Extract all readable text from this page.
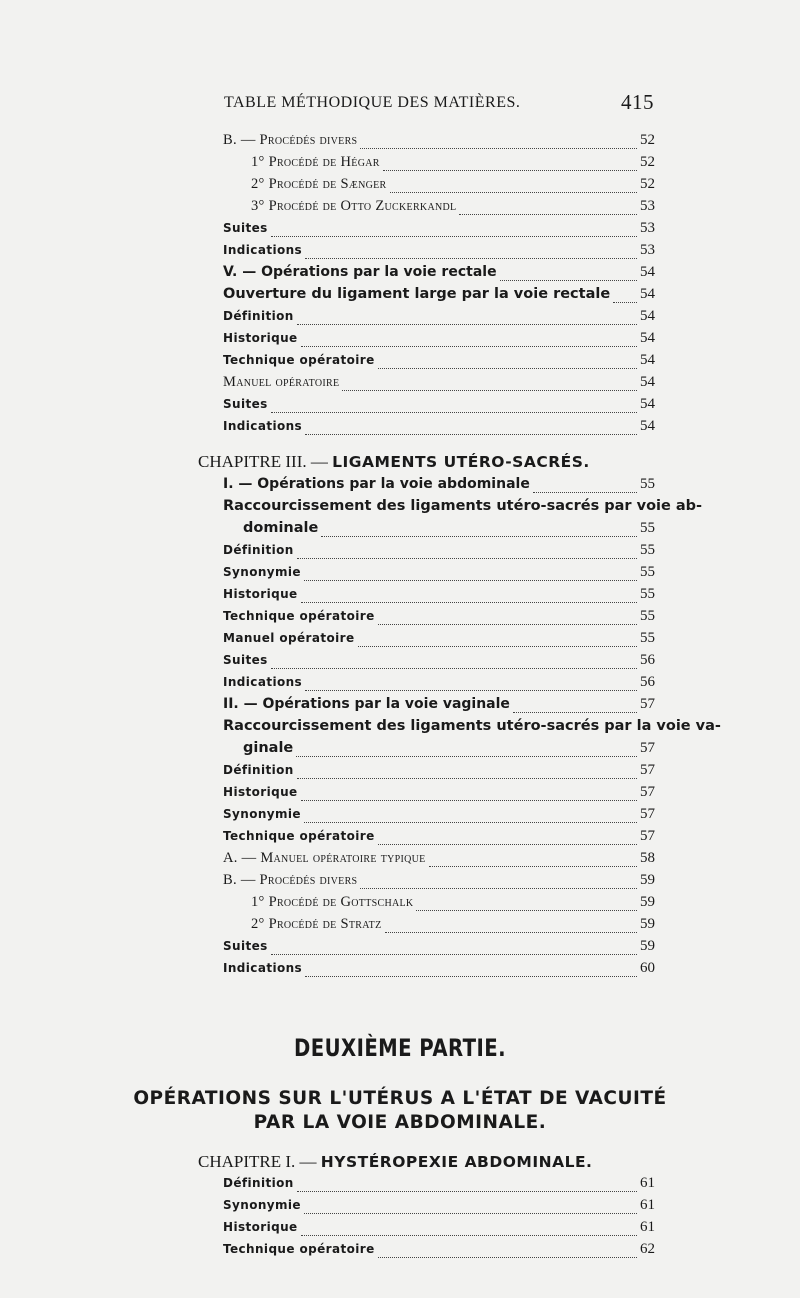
TABLE MÉTHODIQUE DES MATIÈRES.	415
B. — Procédés divers	52
1° Procédé de Hégar	52
2° Procédé de Sænger	52
3° Procédé de Otto Zuckerkandl	53
Suites	53
Indications	53
V. — Opérations par la voie rectale	54
Ouverture du ligament large par la voie rectale 54
Définition	54
Historique	54
Technique opératoire	54
Manuel opératoire	54
Suites	54
Indications	54
CHAPITRE III. — LIGAMENTS UTÉRO-SACRÉS.
I. — Opérations par la voie abdominale	55
Raccourcissement des ligaments utéro-sacrés par voie ab-
dominale	55
Définition	55
Synonymie	55
Historique	55
Technique opératoire	55
Manuel opératoire	55
Suites	56
Indications	56
II. — Opérations par la voie vaginale	57
Raccourcissement des ligaments utéro-sacrés par la voie va-
ginale	57
Définition	57
Historique	57
Synonymie	57
Technique opératoire	57
A. — Manuel opératoire typique	58
B. — Procédés divers	59
1° Procédé de Gottschalk	59
2° Procédé de Stratz	59
Suites	59
Indications	60
DEUXIÈME PARTIE.
OPÉRATIONS SUR L'UTÉRUS A L'ÉTAT DE VACUITÉ
PAR LA VOIE ABDOMINALE.
CHAPITRE I. — HYSTÉROPEXIE ABDOMINALE.
Définition	61
Synonymie	61
Historique	61
Technique opératoire	62
